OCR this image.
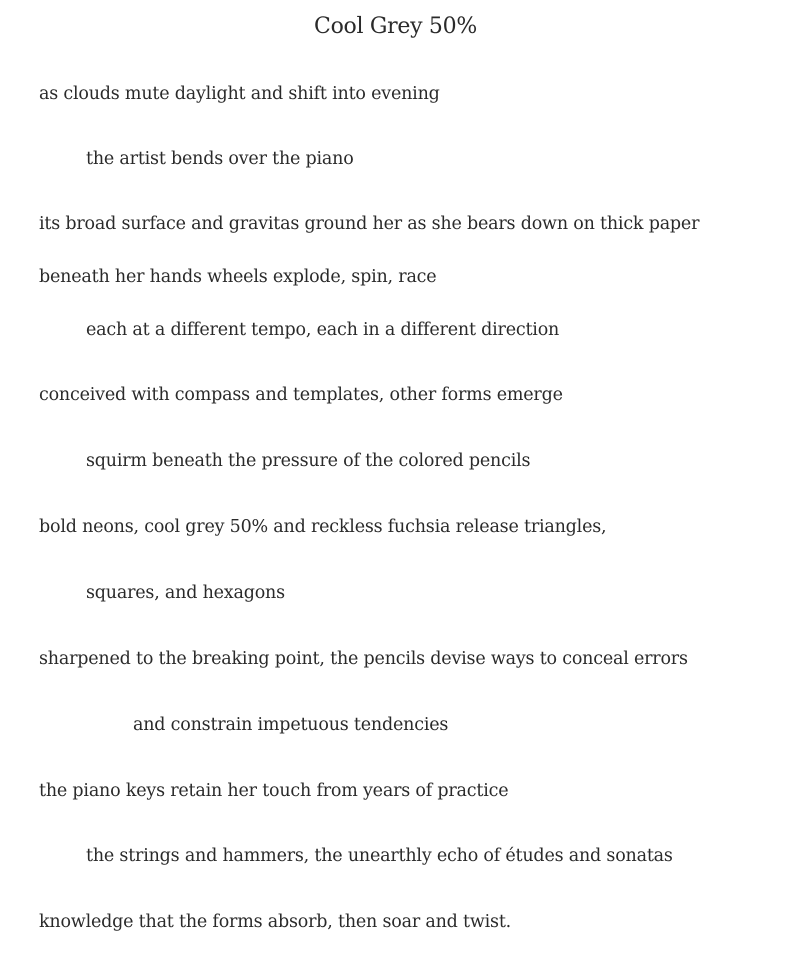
Cool Grey 50%
as clouds mute daylight and shift into evening
the artist bends over the piano
its broad surface and gravitas ground her as she bears down on thick paper
beneath her hands wheels explode, spin, race
each at a different tempo, each in a different direction
conceived with compass and templates, other forms emerge
squirm beneath the pressure of the colored pencils
bold neons, cool grey 50% and reckless fuchsia release triangles,
squares, and hexagons
sharpened to the breaking point, the pencils devise ways to conceal errors
and constrain impetuous tendencies
the piano keys retain her touch from years of practice
the strings and hammers, the unearthly echo of études and sonatas
knowledge that the forms absorb, then soar and twist.
